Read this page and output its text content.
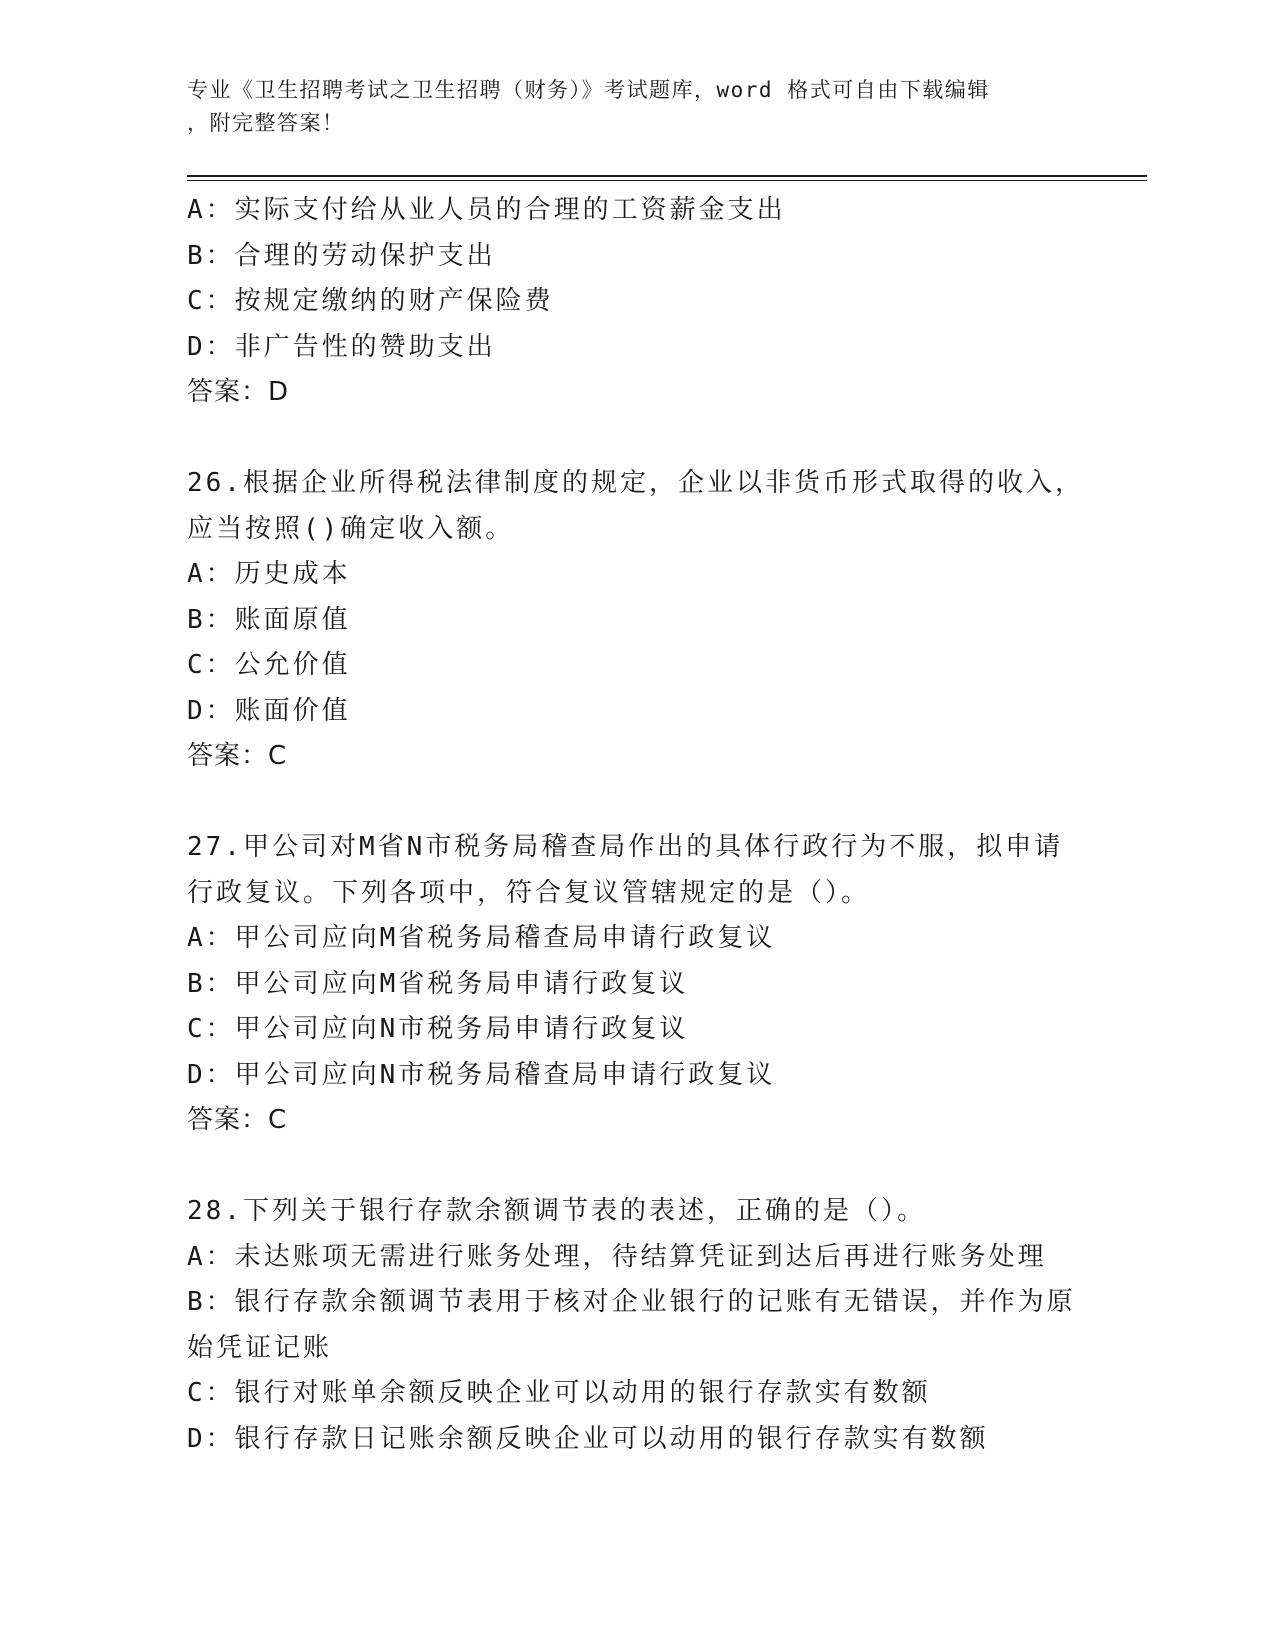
专业《卫生招聘考试之卫生招聘（财务）》考试题库，word 格式可自由下载编辑
，附完整答案！
A：实际支付给从业人员的合理的工资薪金支出
B：合理的劳动保护支出
C：按规定缴纳的财产保险费
D：非广告性的赞助支出
答案：D
26.根据企业所得税法律制度的规定，企业以非货币形式取得的收入，
应当按照()确定收入额。
A：历史成本
B：账面原值
C：公允价值
D：账面价值
答案：C
27.甲公司对M省N市税务局稽查局作出的具体行政行为不服，拟申请
行政复议。下列各项中，符合复议管辖规定的是（）。
A：甲公司应向M省税务局稽查局申请行政复议
B：甲公司应向M省税务局申请行政复议
C：甲公司应向N市税务局申请行政复议
D：甲公司应向N市税务局稽查局申请行政复议
答案：C
28.下列关于银行存款余额调节表的表述，正确的是（）。
A：未达账项无需进行账务处理，待结算凭证到达后再进行账务处理
B：银行存款余额调节表用于核对企业银行的记账有无错误，并作为原
始凭证记账
C：银行对账单余额反映企业可以动用的银行存款实有数额
D：银行存款日记账余额反映企业可以动用的银行存款实有数额
